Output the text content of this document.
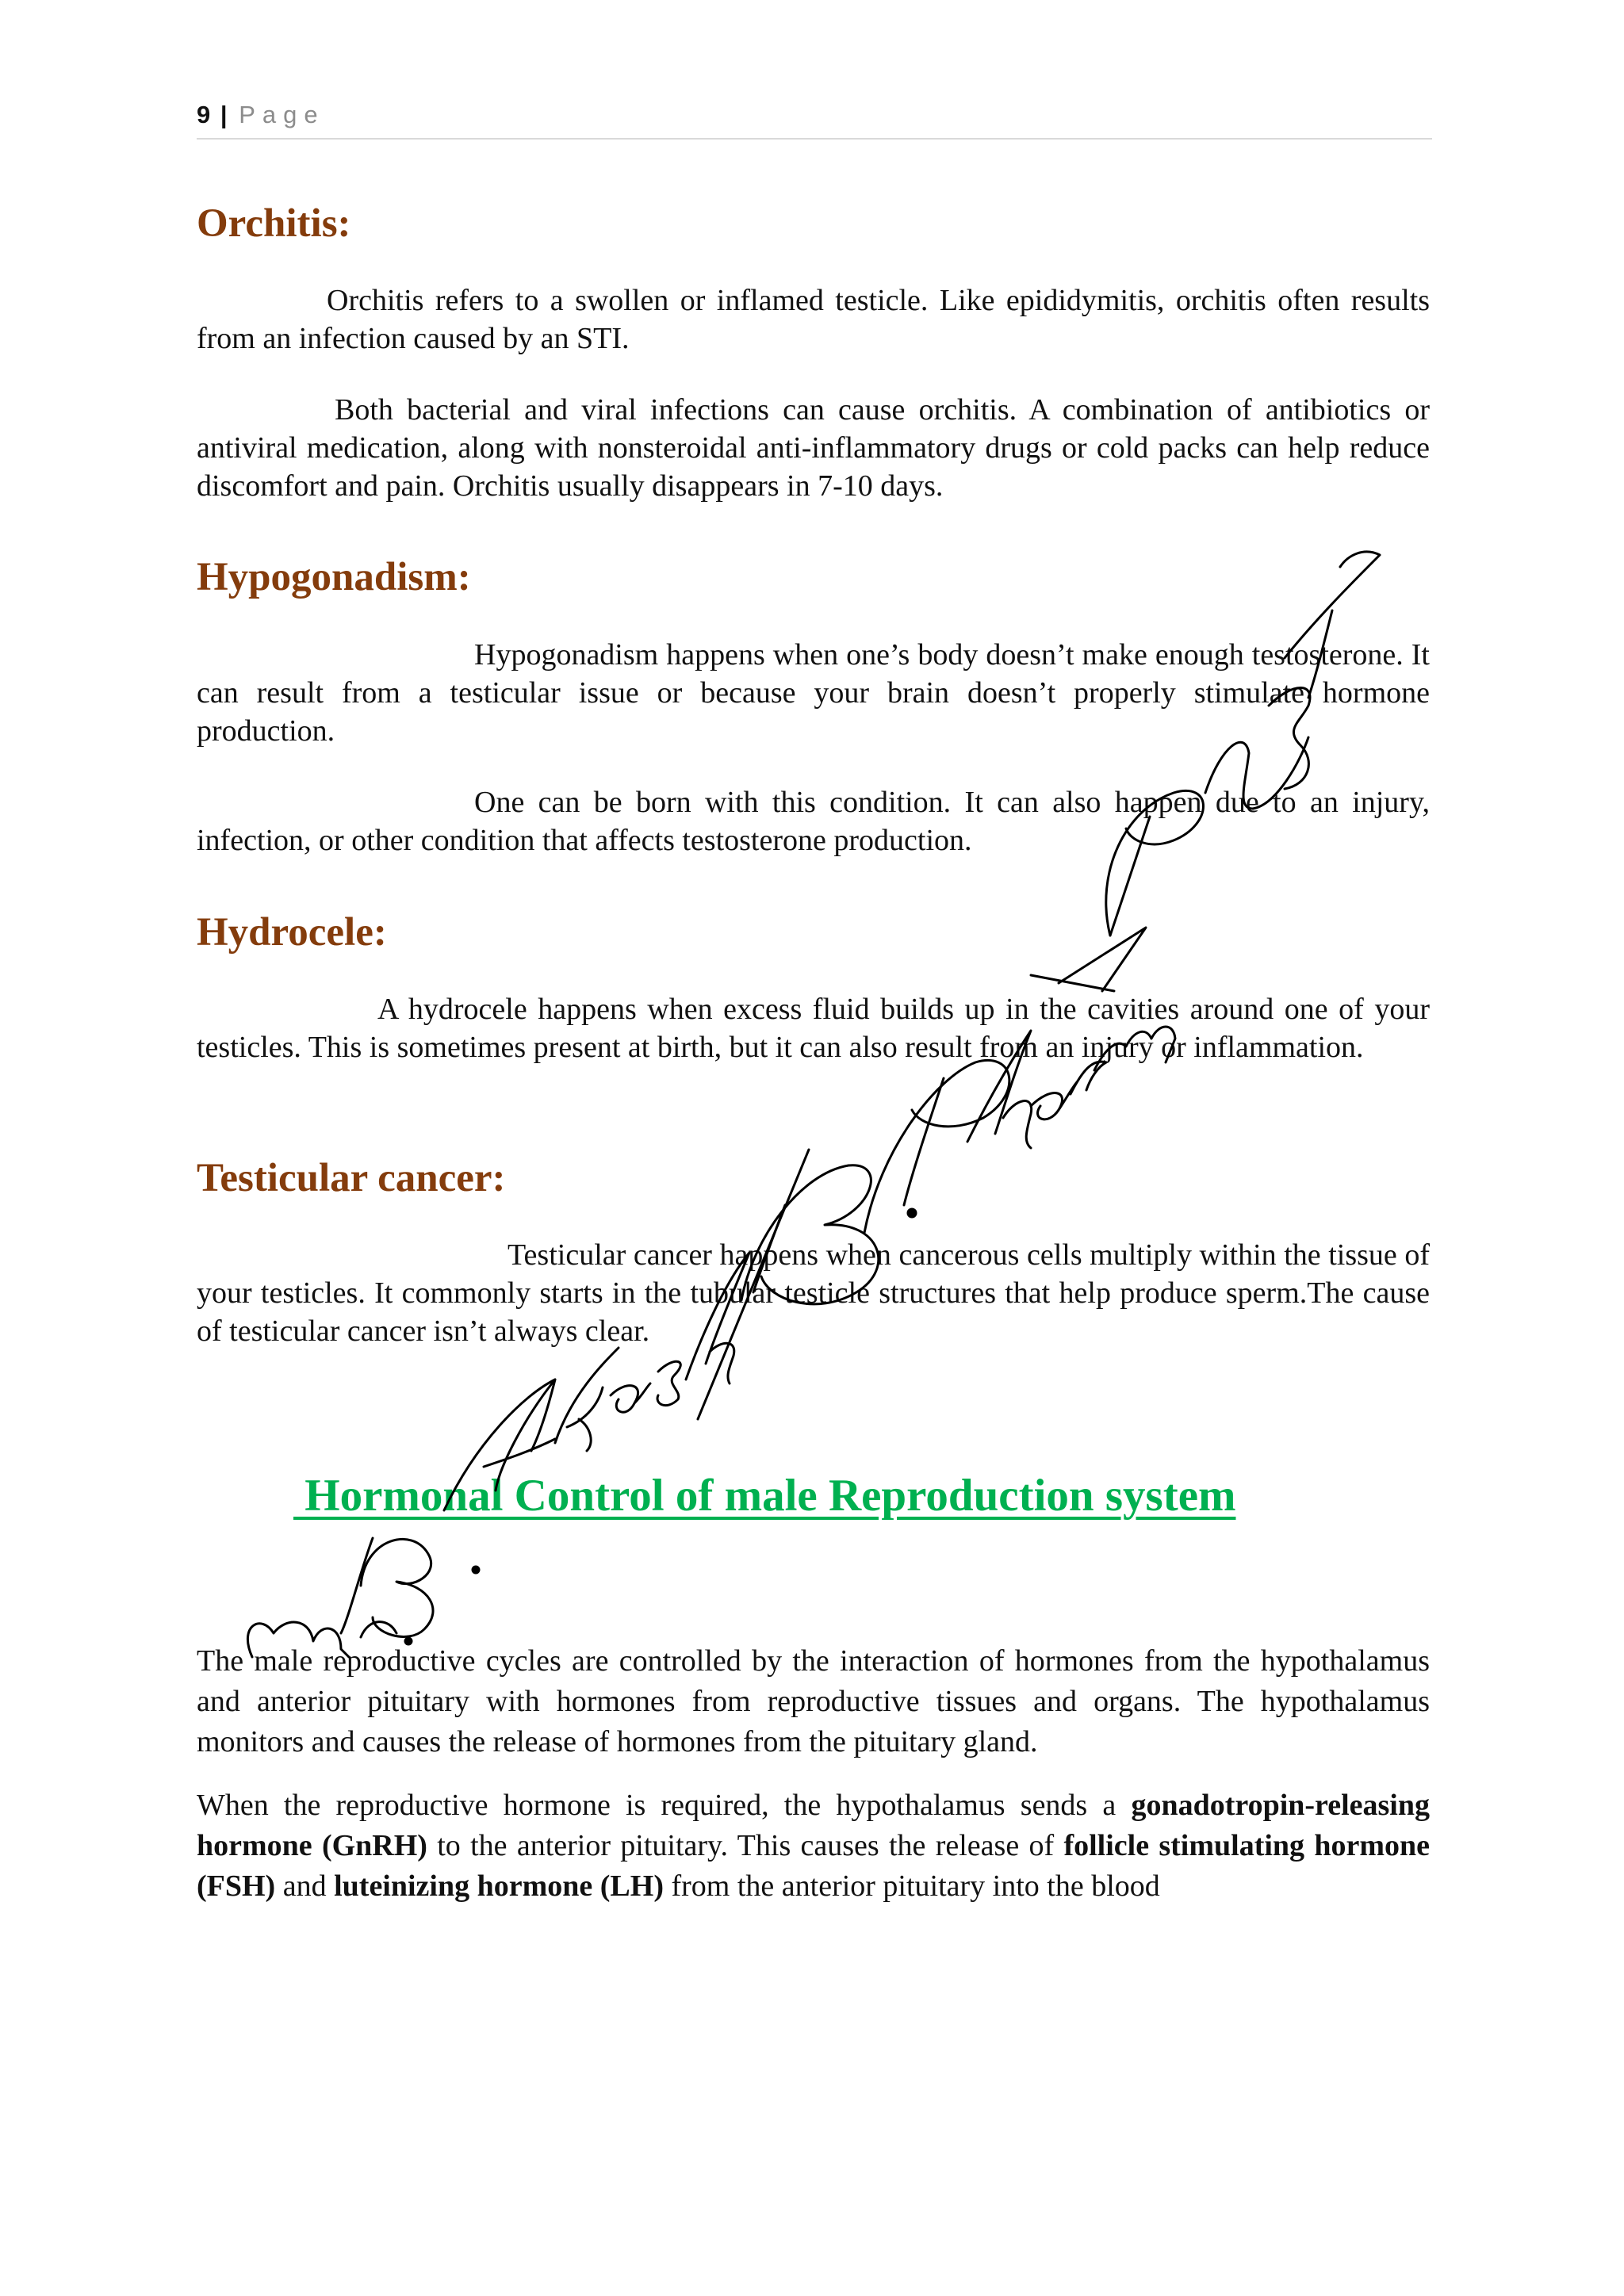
9 | Page
Orchitis:

Orchitis refers to a swollen or inflamed testicle. Like epididymitis, orchitis often results from an infection caused by an STI.

Both bacterial and viral infections can cause orchitis. A combination of antibiotics or antiviral medication, along with nonsteroidal anti-inflammatory drugs or cold packs can help reduce discomfort and pain. Orchitis usually disappears in 7-10 days.

Hypogonadism:

Hypogonadism happens when one’s body doesn’t make enough testosterone. It can result from a testicular issue or because your brain doesn’t properly stimulate hormone production.

One can be born with this condition. It can also happen due to an injury, infection, or other condition that affects testosterone production.

Hydrocele:

A hydrocele happens when excess fluid builds up in the cavities around one of your testicles. This is sometimes present at birth, but it can also result from an injury or inflammation.

Testicular cancer:

Testicular cancer happens when cancerous cells multiply within the tissue of your testicles. It commonly starts in the tubular testicle structures that help produce sperm.The cause of testicular cancer isn’t always clear.

Hormonal Control of male Reproduction system

The male reproductive cycles are controlled by the interaction of hormones from the hypothalamus and anterior pituitary with hormones from reproductive tissues and organs. The hypothalamus monitors and causes the release of hormones from the pituitary gland.

When the reproductive hormone is required, the hypothalamus sends a gonadotropin-releasing hormone (GnRH) to the anterior pituitary. This causes the release of follicle stimulating hormone (FSH) and luteinizing hormone (LH) from the anterior pituitary into the blood
